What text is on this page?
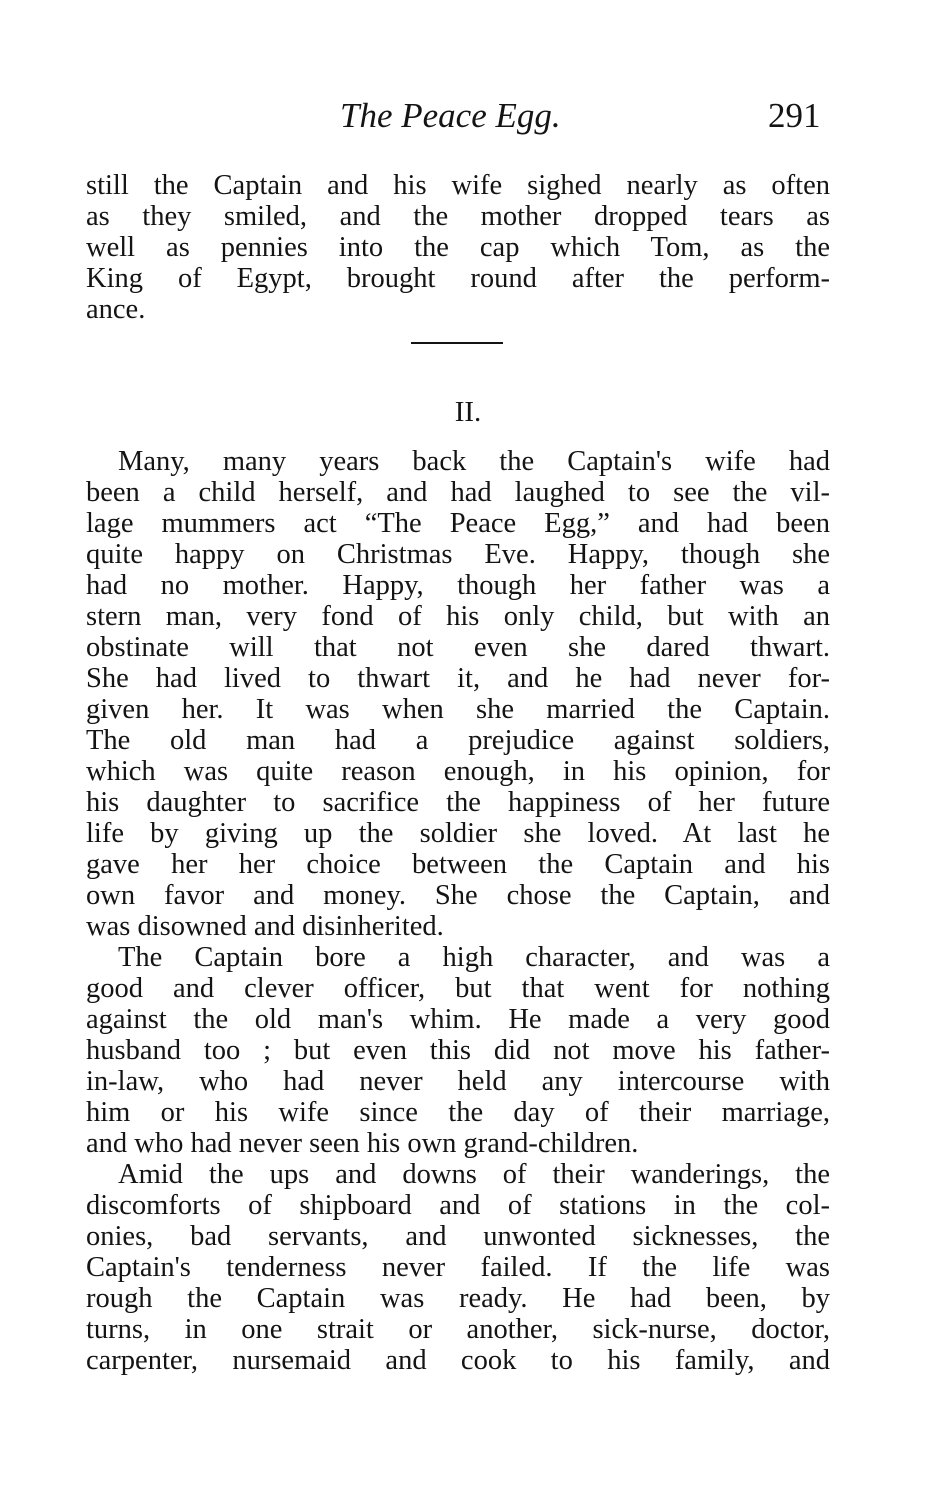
The Peace Egg.	291
still the Captain and his wife sighed nearly as often
as they smiled, and the mother dropped tears as
well as pennies into the cap which Tom, as the
King of Egypt, brought round after the perform-
ance.
II.
Many, many years back the Captain's wife had
been a child herself, and had laughed to see the vil-
lage mummers act “The Peace Egg,” and had been
quite happy on Christmas Eve. Happy, though she
had no mother. Happy, though her father was a
stern man, very fond of his only child, but with an
obstinate will that not even she dared thwart.
She had lived to thwart it, and he had never for-
given her. It was when she married the Captain.
The old man had a prejudice against soldiers,
which was quite reason enough, in his opinion, for
his daughter to sacrifice the happiness of her future
life by giving up the soldier she loved. At last he
gave her her choice between the Captain and his
own favor and money. She chose the Captain, and
was disowned and disinherited.
The Captain bore a high character, and was a
good and clever officer, but that went for nothing
against the old man's whim. He made a very good
husband too ; but even this did not move his father-
in-law, who had never held any intercourse with
him or his wife since the day of their marriage,
and who had never seen his own grand-children.
Amid the ups and downs of their wanderings, the
discomforts of shipboard and of stations in the col-
onies, bad servants, and unwonted sicknesses, the
Captain's tenderness never failed. If the life was
rough the Captain was ready. He had been, by
turns, in one strait or another, sick-nurse, doctor,
carpenter, nursemaid and cook to his family, and
